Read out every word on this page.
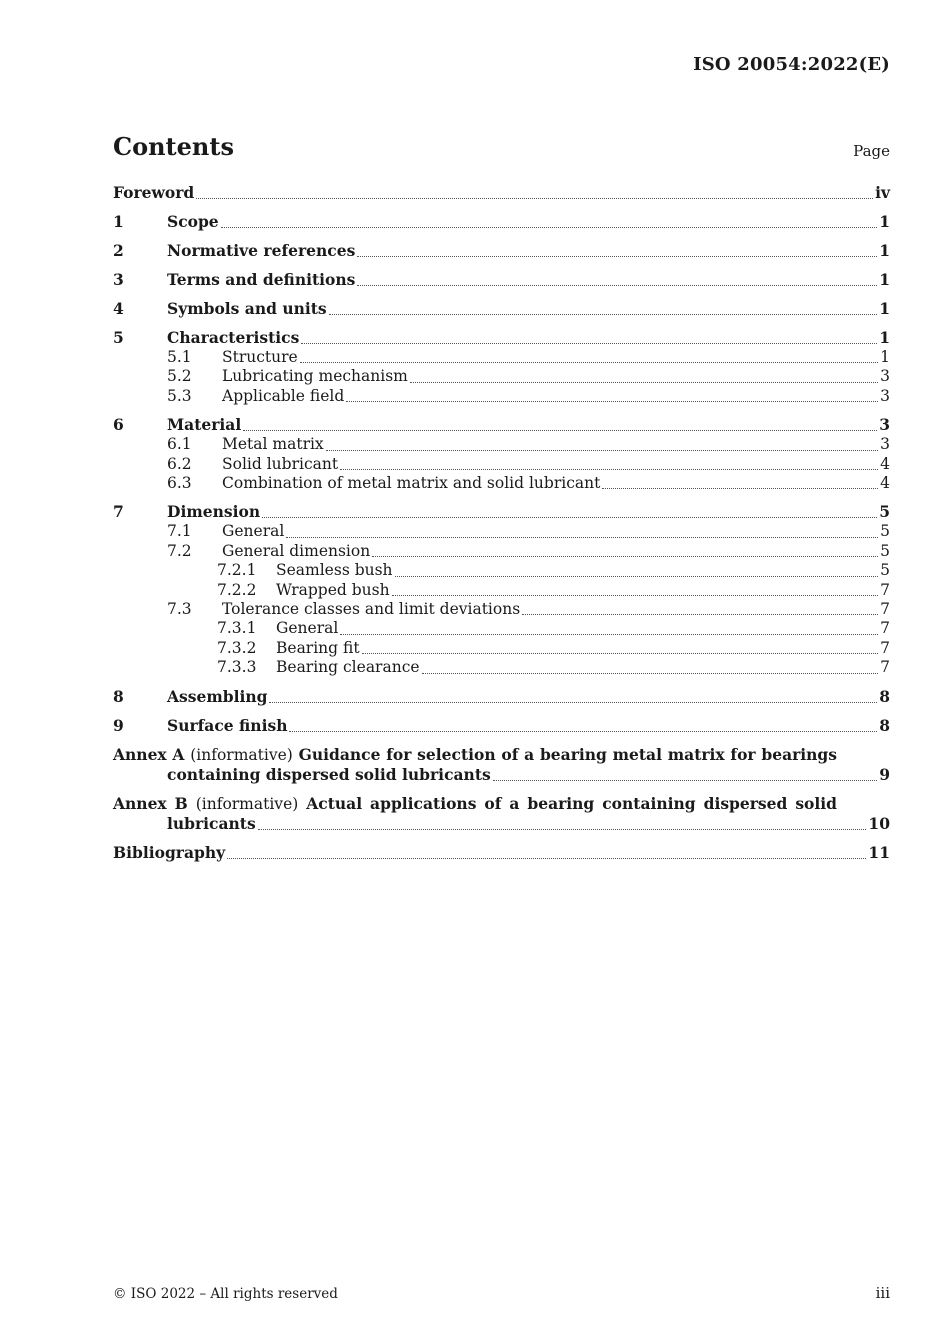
ISO 20054:2022(E)
Contents	Page
Foreword	iv
1	Scope	1
2	Normative references	1
3	Terms and definitions	1
4	Symbols and units	1
5	Characteristics	1
5.1	Structure	1
5.2	Lubricating mechanism	3
5.3	Applicable field	3
6	Material	3
6.1	Metal matrix	3
6.2	Solid lubricant	4
6.3	Combination of metal matrix and solid lubricant	4
7	Dimension	5
7.1	General	5
7.2	General dimension	5
7.2.1	Seamless bush	5
7.2.2	Wrapped bush	7
7.3	Tolerance classes and limit deviations	7
7.3.1	General	7
7.3.2	Bearing fit	7
7.3.3	Bearing clearance	7
8	Assembling	8
9	Surface finish	8
Annex A (informative) Guidance for selection of a bearing metal matrix for bearings
containing dispersed solid lubricants	9
Annex B (informative) Actual applications of a bearing containing dispersed solid
lubricants	10
Bibliography	11
© ISO 2022 – All rights reserved	iii
